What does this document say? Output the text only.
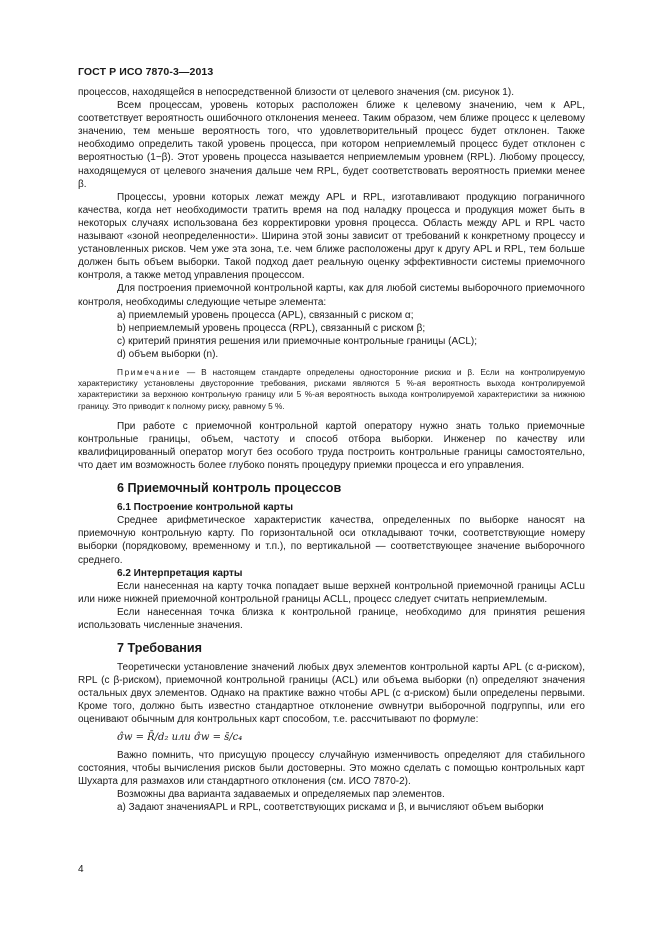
ГОСТ Р ИСО 7870-3—2013

процессов, находящейся в непосредственной близости от целевого значения (см. рисунок 1).

Всем процессам, уровень которых расположен ближе к целевому значению, чем к APL, соответствует вероятность ошибочного отклонения менееα. Таким образом, чем ближе процесс к целевому значению, тем меньше вероятность того, что удовлетворительный процесс будет отклонен. Также необходимо определить такой уровень процесса, при котором неприемлемый процесс будет отклонен с вероятностью (1−β). Этот уровень процесса называется неприемлемым уровнем (RPL). Любому процессу, находящемуся от целевого значения дальше чем RPL, будет соответствовать вероятность приемки менее β.

Процессы, уровни которых лежат между APL и RPL, изготавливают продукцию пограничного качества, когда нет необходимости тратить время на под наладку процесса и продукция может быть в некоторых случаях использована без корректировки уровня процесса. Область между APL и RPL часто называют «зоной неопределенности». Ширина этой зоны зависит от требований к конкретному процессу и установленных рисков. Чем уже эта зона, т.е. чем ближе расположены друг к другу APL и RPL, тем больше должен быть объем выборки. Такой подход дает реальную оценку эффективности системы приемочного контроля, а также метод управления процессом.

Для построения приемочной контрольной карты, как для любой системы выборочного приемочного контроля, необходимы следующие четыре элемента:

a) приемлемый уровень процесса (APL), связанный с риском α;

b) неприемлемый уровень процесса (RPL), связанный с риском β;

c) критерий принятия решения или приемочные контрольные границы (ACL);

d) объем выборки (n).

Примечание — В настоящем стандарте определены односторонние рискиα и β. Если на контролируемую характеристику установлены двусторонние требования, рисками являются 5 %-ая вероятность выхода контролируемой характеристики за верхнюю контрольную границу или 5 %-ая вероятность выхода контролируемой характеристики за нижнюю границу. Это приводит к полному риску, равному 5 %.

При работе с приемочной контрольной картой оператору нужно знать только приемочные контрольные границы, объем, частоту и способ отбора выборки. Инженер по качеству или квалифицированный оператор могут без особого труда построить контрольные границы самостоятельно, что дает им возможность более глубоко понять процедуру приемки процесса и его управления.

6 Приемочный контроль процессов
6.1 Построение контрольной карты

Среднее арифметическое характеристик качества, определенных по выборке наносят на приемочную контрольную карту. По горизонтальной оси откладывают точки, соответствующие номеру выборки (порядковому, временному и т.п.), по вертикальной — соответствующее значение выборочного среднего.

6.2 Интерпретация карты

Если нанесенная на карту точка попадает выше верхней контрольной приемочной границы ACLu или ниже нижней приемочной контрольной границы ACLL, процесс следует считать неприемлемым.

Если нанесенная точка близка к контрольной границе, необходимо для принятия решения использовать численные значения.

7 Требования

Теоретически установление значений любых двух элементов контрольной карты APL (с α-риском), RPL (с β-риском), приемочной контрольной границы (ACL) или объема выборки (n) определяют значения остальных двух элементов. Однако на практике важно чтобы APL (с α-риском) были определены первыми. Кроме того, должно быть известно стандартное отклонение σwвнутри выборочной подгруппы, или его оценивают обычным для контрольных карт способом, т.е. рассчитывают по формуле:

σ̂w = R̄/d₂ или σ̂w = s̄/c₄

Важно помнить, что присущую процессу случайную изменчивость определяют для стабильного состояния, чтобы вычисления рисков были достоверны. Это можно сделать с помощью контрольных карт Шухарта для размахов или стандартного отклонения (см. ИСО 7870-2).

Возможны два варианта задаваемых и определяемых пар элементов.

a) Задают значенияAPL и RPL, соответствующих рискамα и β, и вычисляют объем выборки

4
